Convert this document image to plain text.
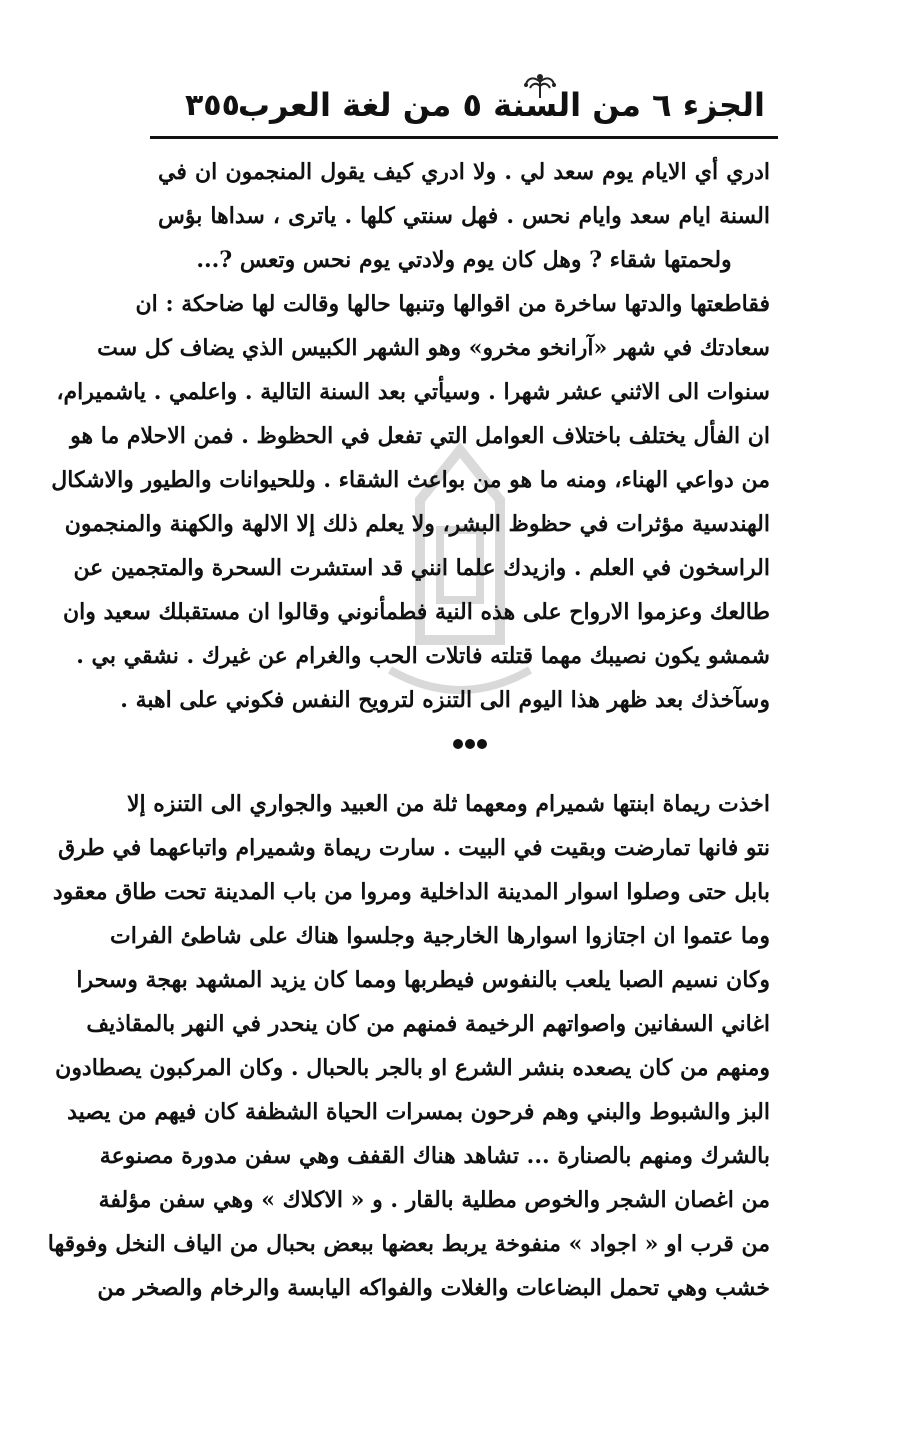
الجزء ٦ من السنة ٥ من لغة العرب
٣٥٥
ادري أي الايام يوم سعد لي . ولا ادري كيف يقول المنجمون ان في
السنة ايام سعد وايام نحس . فهل سنتي كلها . ياترى ، سداها بؤس
ولحمتها شقاء ? وهل كان يوم ولادتي يوم نحس وتعس ?...
فقاطعتها والدتها ساخرة من اقوالها وتنبها حالها وقالت لها ضاحكة : ان
سعادتك في شهر «آرانخو مخرو» وهو الشهر الكبيس الذي يضاف كل ست
سنوات الى الاثني عشر شهرا . وسيأتي بعد السنة التالية . واعلمي . ياشميرام،
ان الفأل يختلف باختلاف العوامل التي تفعل في الحظوظ . فمن الاحلام ما هو
من دواعي الهناء، ومنه ما هو من بواعث الشقاء . وللحيوانات والطيور والاشكال
الهندسية مؤثرات في حظوظ البشر، ولا يعلم ذلك إلا الالهة والكهنة والمنجمون
الراسخون في العلم . وازيدك علما انني قد استشرت السحرة والمتجمين عن
طالعك وعزموا الارواح على هذه النية فطمأنوني وقالوا ان مستقبلك سعيد وان
شمشو يكون نصيبك مهما قتلته فاتلات الحب والغرام عن غيرك . نشقي بي .
وسآخذك بعد ظهر هذا اليوم الى التنزه لترويح النفس فكوني على اهبة .
اخذت ريماة ابنتها شميرام ومعهما ثلة من العبيد والجواري الى التنزه إلا
نتو فانها تمارضت وبقيت في البيت . سارت ريماة وشميرام واتباعهما في طرق
بابل حتى وصلوا اسوار المدينة الداخلية ومروا من باب المدينة تحت طاق معقود
وما عتموا ان اجتازوا اسوارها الخارجية وجلسوا هناك على شاطئ الفرات
وكان نسيم الصبا يلعب بالنفوس فيطربها ومما كان يزيد المشهد بهجة وسحرا
اغاني السفانين واصواتهم الرخيمة فمنهم من كان ينحدر في النهر بالمقاذيف
ومنهم من كان يصعده بنشر الشرع او بالجر بالحبال . وكان المركبون يصطادون
البز والشبوط والبني وهم فرحون بمسرات الحياة الشظفة كان فيهم من يصيد
بالشرك ومنهم بالصنارة ... تشاهد هناك القفف وهي سفن مدورة مصنوعة
من اغصان الشجر والخوص مطلية بالقار . و « الاكلاك » وهي سفن مؤلفة
من قرب او « اجواد » منفوخة يربط بعضها ببعض بحبال من الياف النخل وفوقها
خشب وهي تحمل البضاعات والغلات والفواكه اليابسة والرخام والصخر من
